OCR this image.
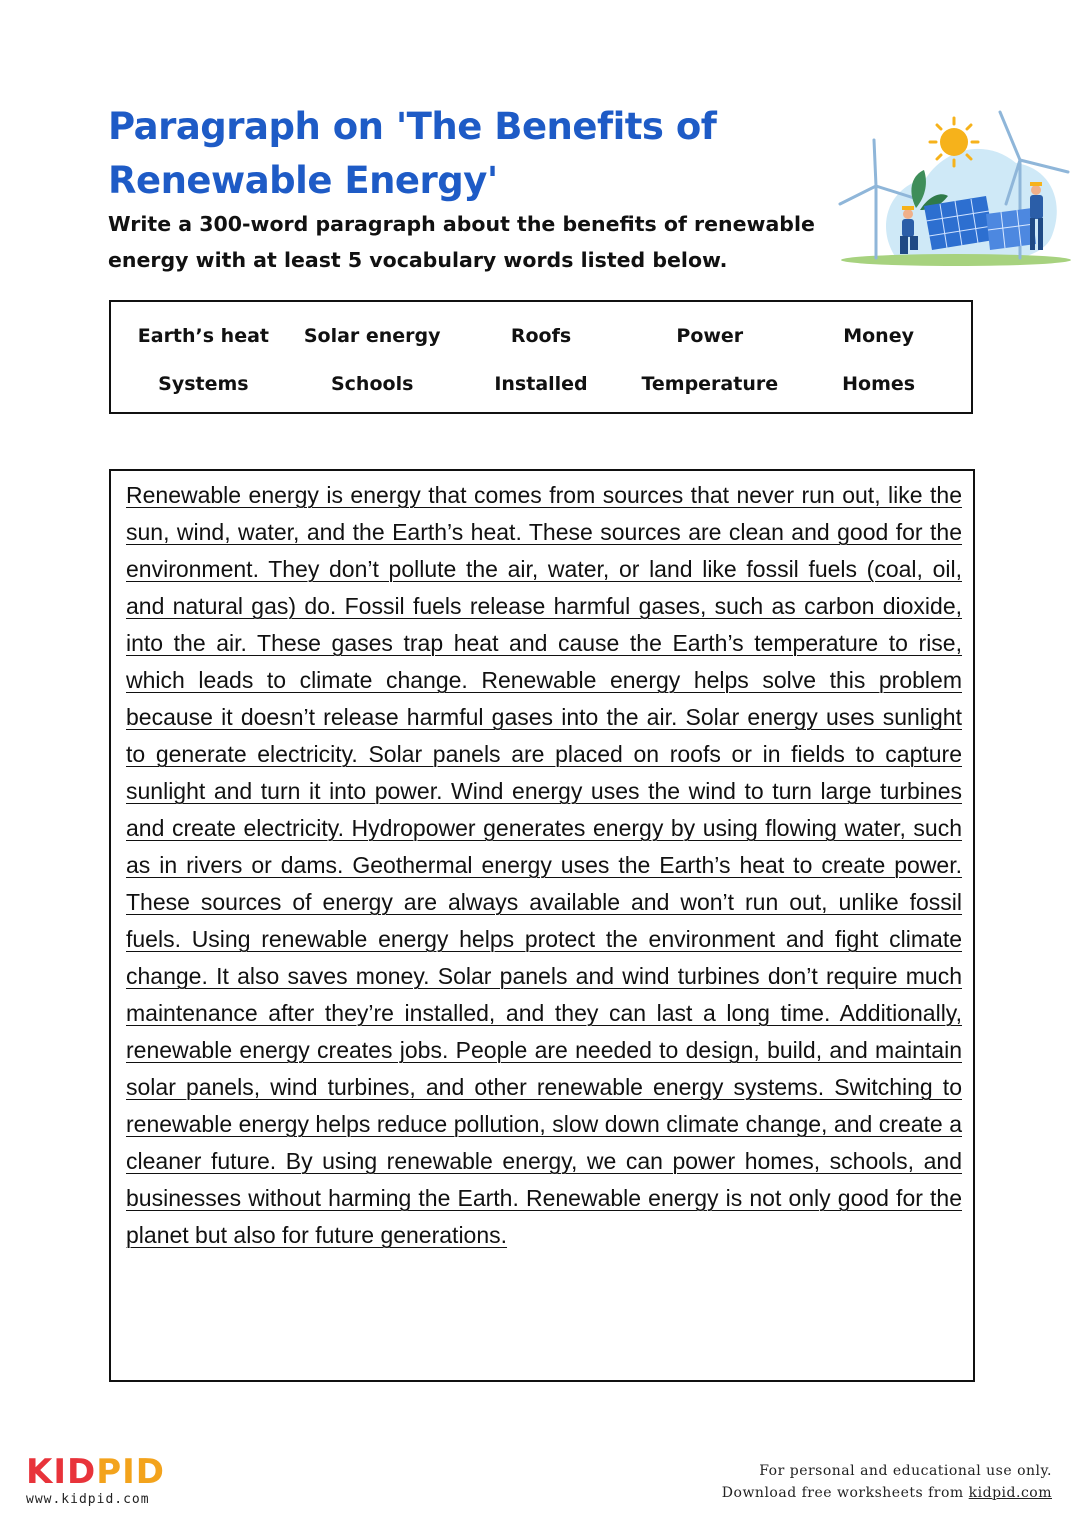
Paragraph on 'The Benefits of Renewable Energy'
Write a 300-word paragraph about the benefits of renewable energy with at least 5 vocabulary words listed below.
Earth’s heat	Solar energy	Roofs	Power	Money
Systems	Schools	Installed	Temperature	Homes

Renewable energy is energy that comes from sources that never run out, like the sun, wind, water, and the Earth’s heat. These sources are clean and good for the environment. They don’t pollute the air, water, or land like fossil fuels (coal, oil, and natural gas) do. Fossil fuels release harmful gases, such as carbon dioxide, into the air. These gases trap heat and cause the Earth’s temperature to rise, which leads to climate change. Renewable energy helps solve this problem because it doesn’t release harmful gases into the air. Solar energy uses sunlight to generate electricity. Solar panels are placed on roofs or in fields to capture sunlight and turn it into power. Wind energy uses the wind to turn large turbines and create electricity. Hydropower generates energy by using flowing water, such as in rivers or dams. Geothermal energy uses the Earth’s heat to create power. These sources of energy are always available and won’t run out, unlike fossil fuels. Using renewable energy helps protect the environment and fight climate change. It also saves money. Solar panels and wind turbines don’t require much maintenance after they’re installed, and they can last a long time. Additionally, renewable energy creates jobs. People are needed to design, build, and maintain solar panels, wind turbines, and other renewable energy systems. Switching to renewable energy helps reduce pollution, slow down climate change, and create a cleaner future. By using renewable energy, we can power homes, schools, and businesses without harming the Earth. Renewable energy is not only good for the planet but also for future generations.

KIDPID
www.kidpid.com
For personal and educational use only.
Download free worksheets from kidpid.com
